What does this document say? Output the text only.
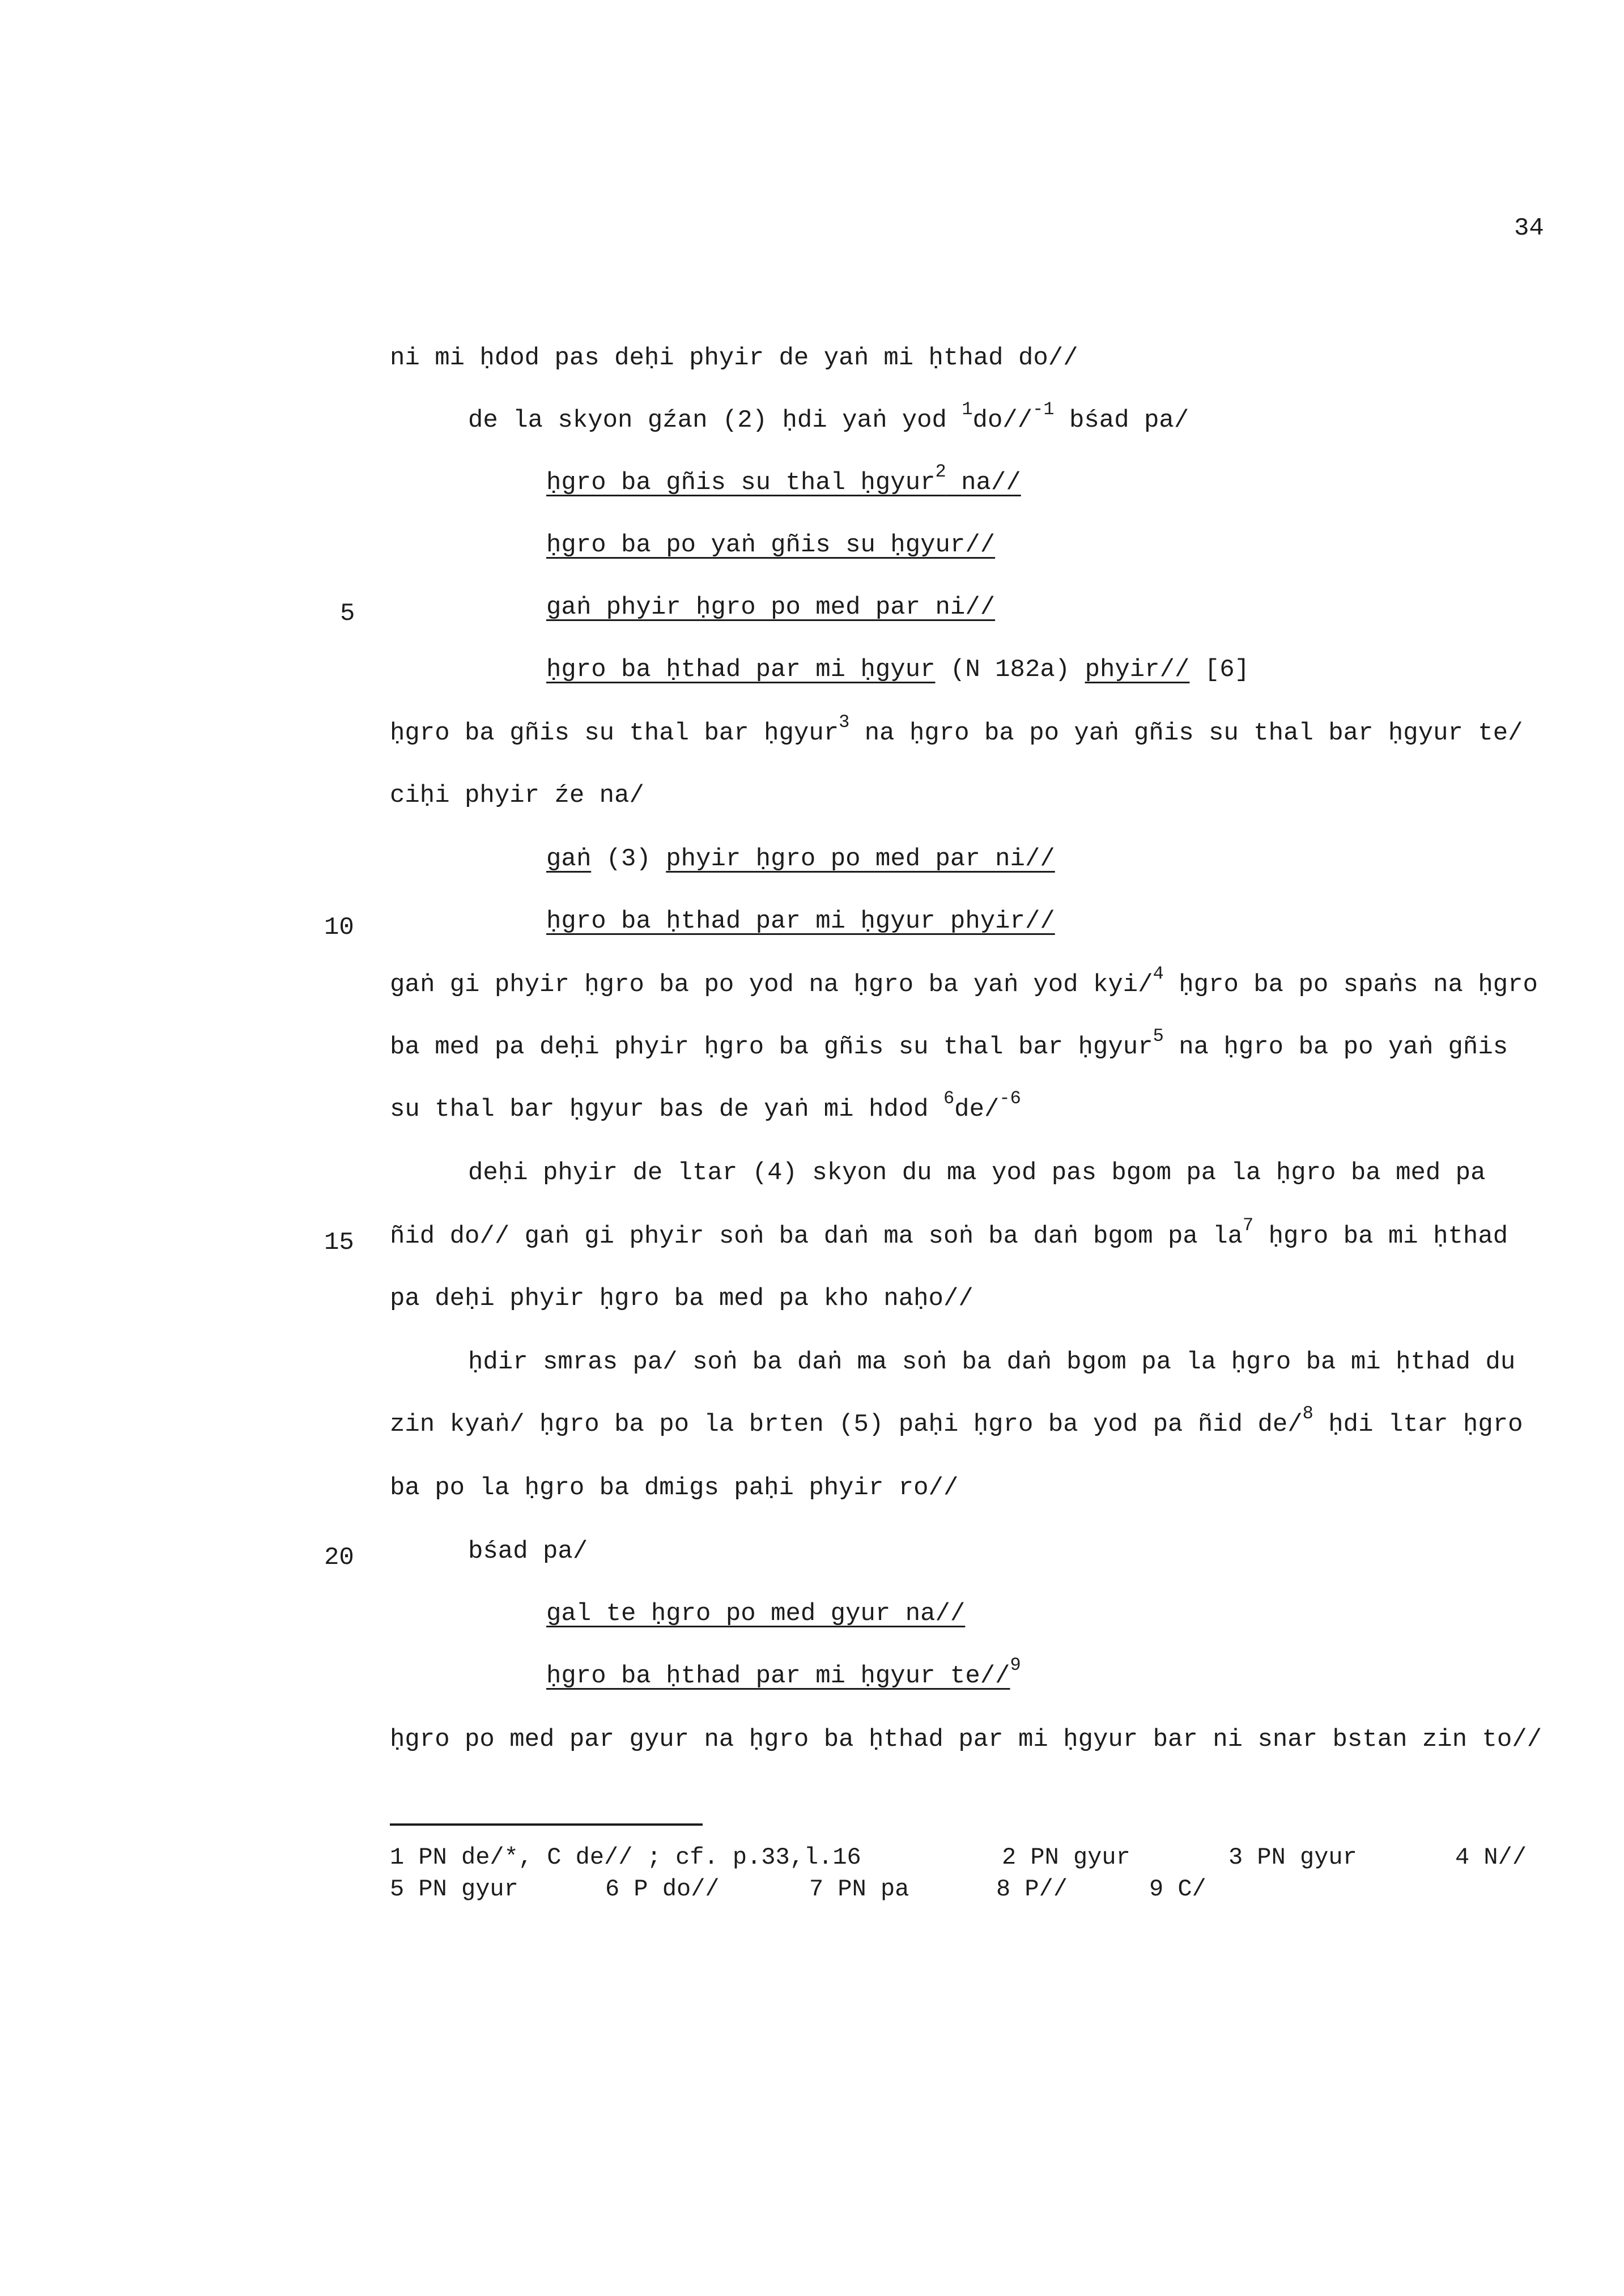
34
5
10
15
20
ni mi ḥdod pas deḥi phyir de yaṅ mi ḥthad do//
de la skyon gźan (2) ḥdi yaṅ yod $^1$do//$^{-1}$ bśad pa/
ḥgro ba gñis su thal ḥgyur$^2$ na//
ḥgro ba po yaṅ gñis su ḥgyur//
gaṅ phyir ḥgro po med par ni//
ḥgro ba ḥthad par mi ḥgyur (N 182a) phyir// [6]
ḥgro ba gñis su thal bar ḥgyur$^3$ na ḥgro ba po yaṅ gñis su thal bar ḥgyur te/
ciḥi phyir źe na/
gaṅ (3) phyir ḥgro po med par ni//
ḥgro ba ḥthad par mi ḥgyur phyir//
gaṅ gi phyir ḥgro ba po yod na ḥgro ba yaṅ yod kyi/$^4$ ḥgro ba po spaṅs na ḥgro
ba med pa deḥi phyir ḥgro ba gñis su thal bar ḥgyur$^5$ na ḥgro ba po yaṅ gñis
su thal bar ḥgyur bas de yaṅ mi hdod $^6$de/$^{-6}$
deḥi phyir de ltar (4) skyon du ma yod pas bgom pa la ḥgro ba med pa
ñid do// gaṅ gi phyir soṅ ba daṅ ma soṅ ba daṅ bgom pa $la^7$ ḥgro ba mi ḥthad
pa deḥi phyir ḥgro ba med pa kho naḥo//
ḥdir smras pa/ soṅ ba daṅ ma soṅ ba daṅ bgom pa la ḥgro ba mi ḥthad du
zin kyaṅ/ ḥgro ba po la brten (5) paḥi ḥgro ba yod pa ñid de/$^8$ ḥdi ltar ḥgro
ba po la ḥgro ba dmigs paḥi phyir ro//
bśad pa/
gal te ḥgro po med gyur na//
ḥgro ba ḥthad par mi ḥgyur te//$^9$
ḥgro po med par gyur na ḥgro ba ḥthad par mi ḥgyur bar ni snar bstan zin to//
1 PN de/*, C de// ; cf. p.33,l.16	2 PN gyur	3 PN gyur	4 N//
5 PN gyur	6 P do//	7 PN pa	8 P//	9 C/
